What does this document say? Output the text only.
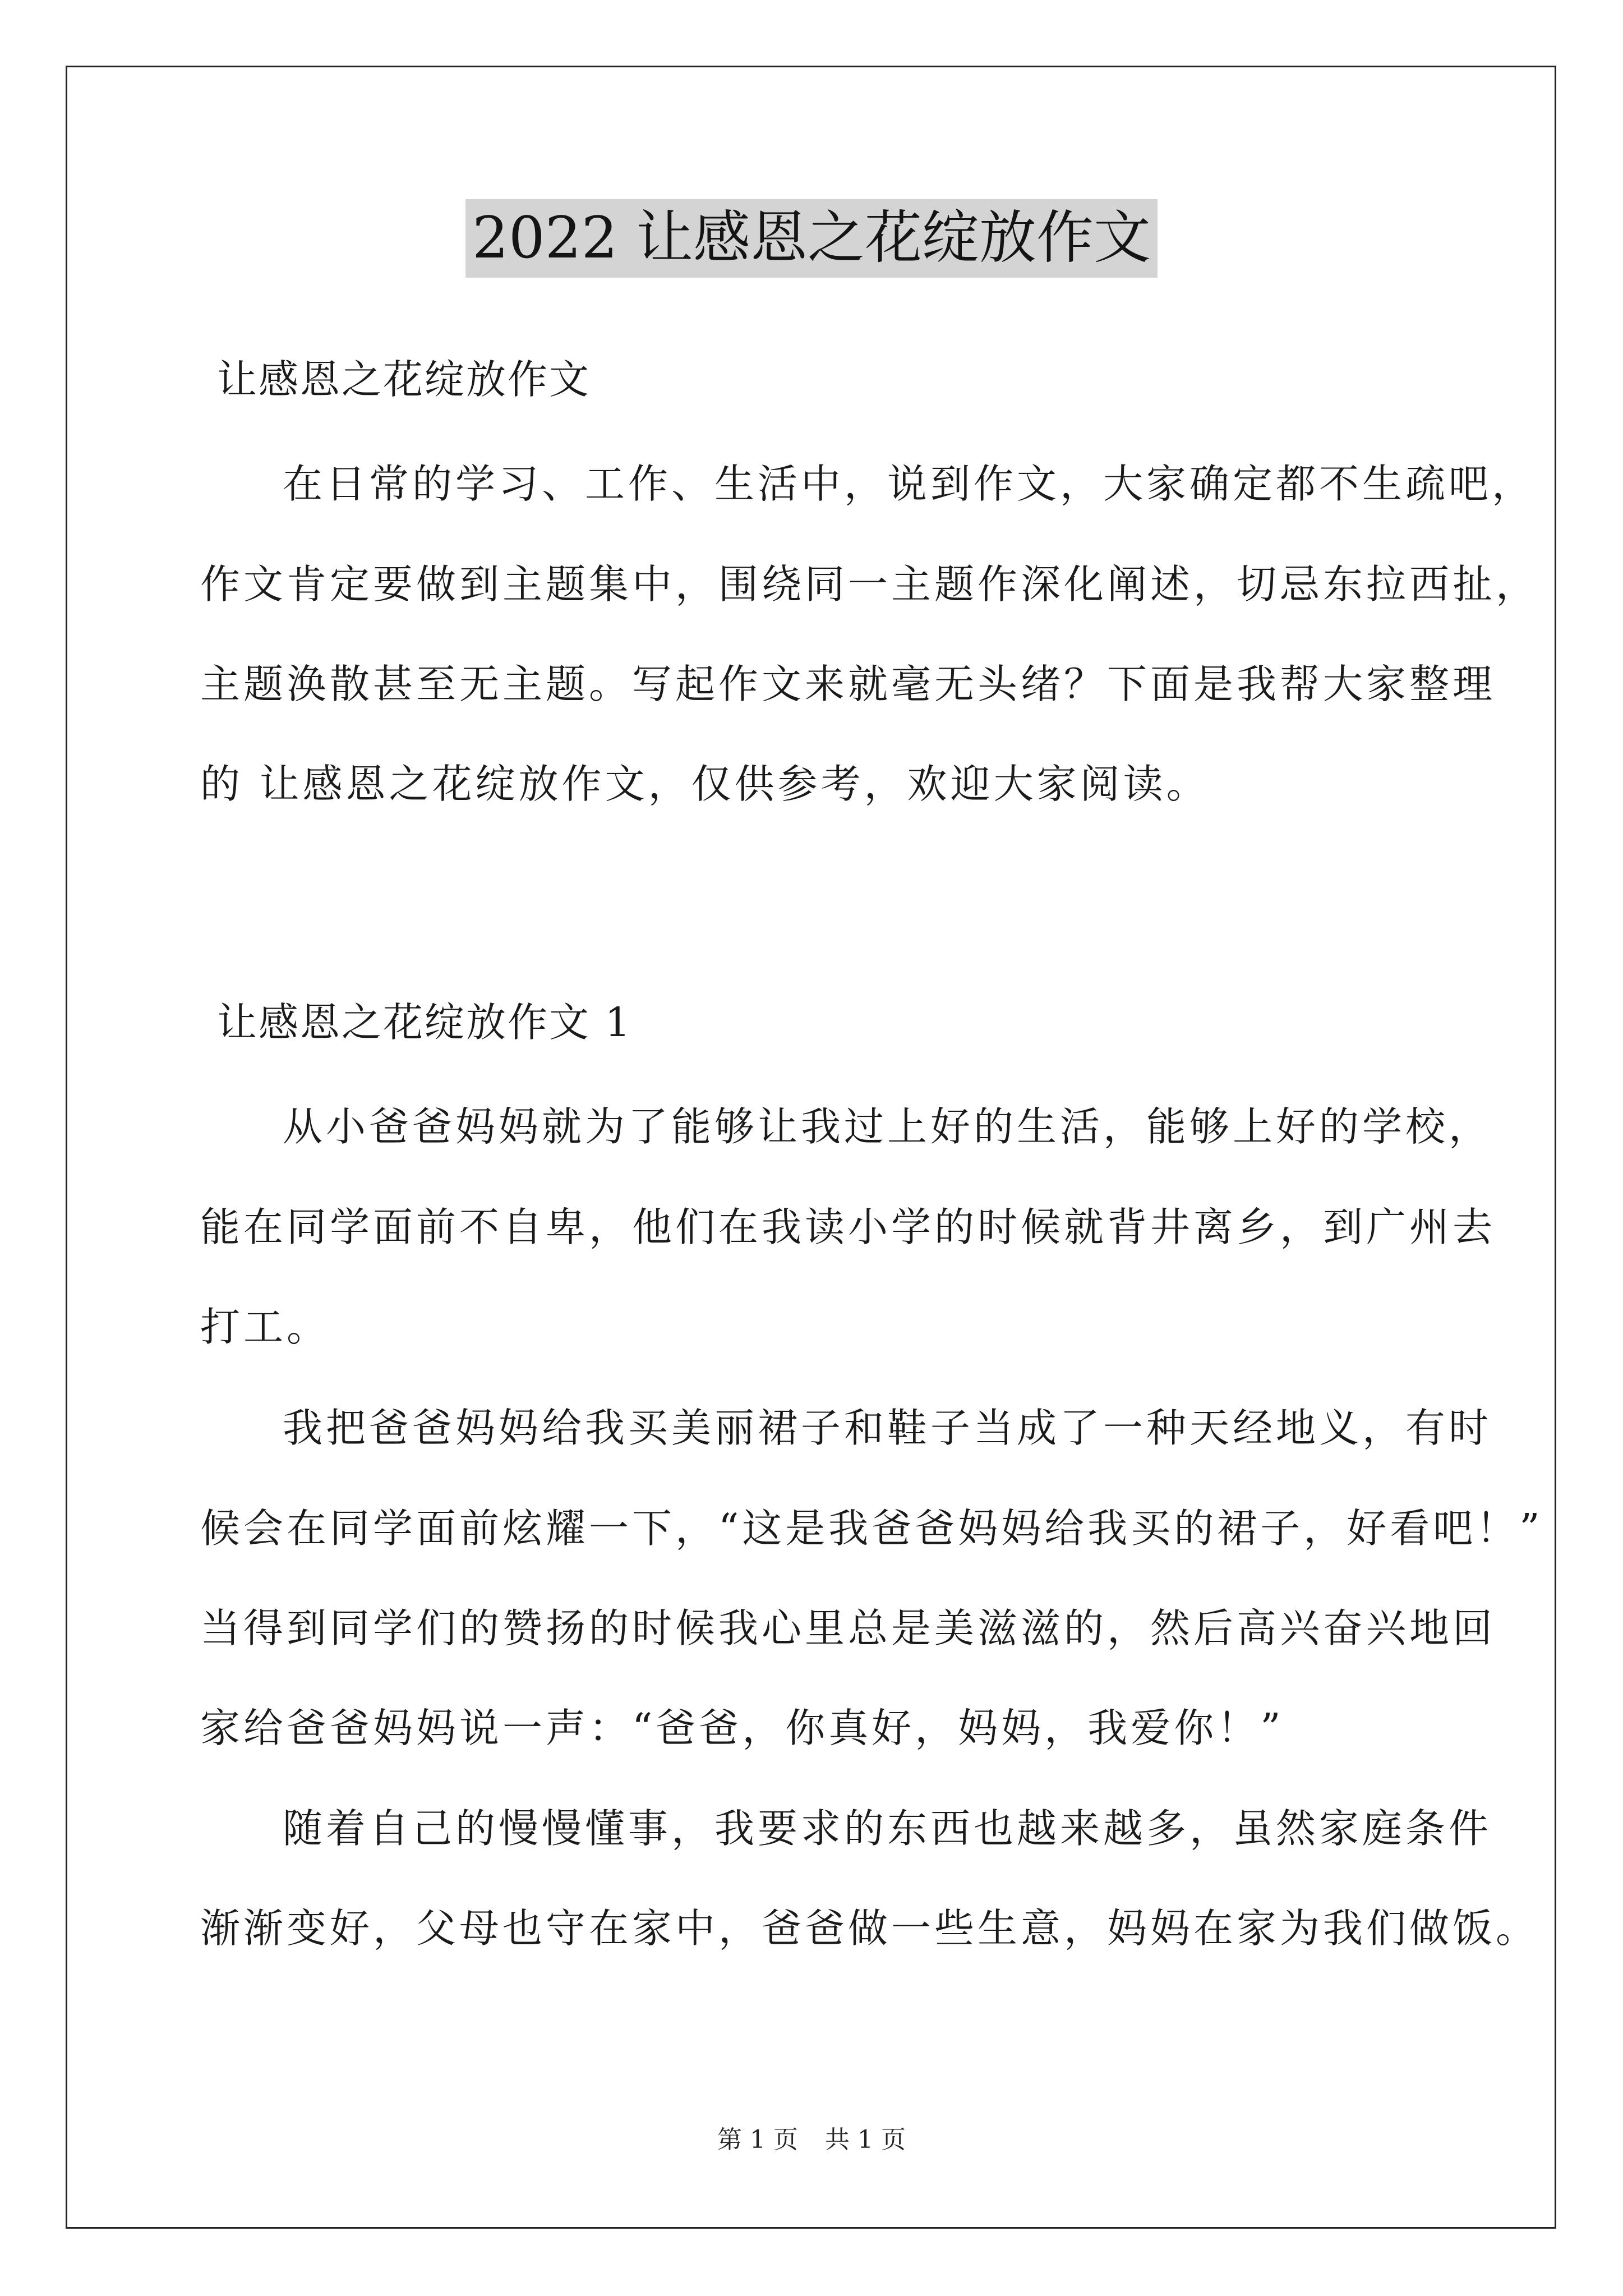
2022 让感恩之花绽放作文
让感恩之花绽放作文
在日常的学习、工作、生活中，说到作文，大家确定都不生疏吧，
作文肯定要做到主题集中，围绕同一主题作深化阐述，切忌东拉西扯，
主题涣散甚至无主题。写起作文来就毫无头绪？下面是我帮大家整理
的 让感恩之花绽放作文，仅供参考，欢迎大家阅读。
让感恩之花绽放作文 1
从小爸爸妈妈就为了能够让我过上好的生活，能够上好的学校，
能在同学面前不自卑，他们在我读小学的时候就背井离乡，到广州去
打工。
我把爸爸妈妈给我买美丽裙子和鞋子当成了一种天经地义，有时
候会在同学面前炫耀一下，“这是我爸爸妈妈给我买的裙子，好看吧！”
当得到同学们的赞扬的时候我心里总是美滋滋的，然后高兴奋兴地回
家给爸爸妈妈说一声：“爸爸，你真好，妈妈，我爱你！”
随着自己的慢慢懂事，我要求的东西也越来越多，虽然家庭条件
渐渐变好，父母也守在家中，爸爸做一些生意，妈妈在家为我们做饭。
第 1 页 共 1 页
